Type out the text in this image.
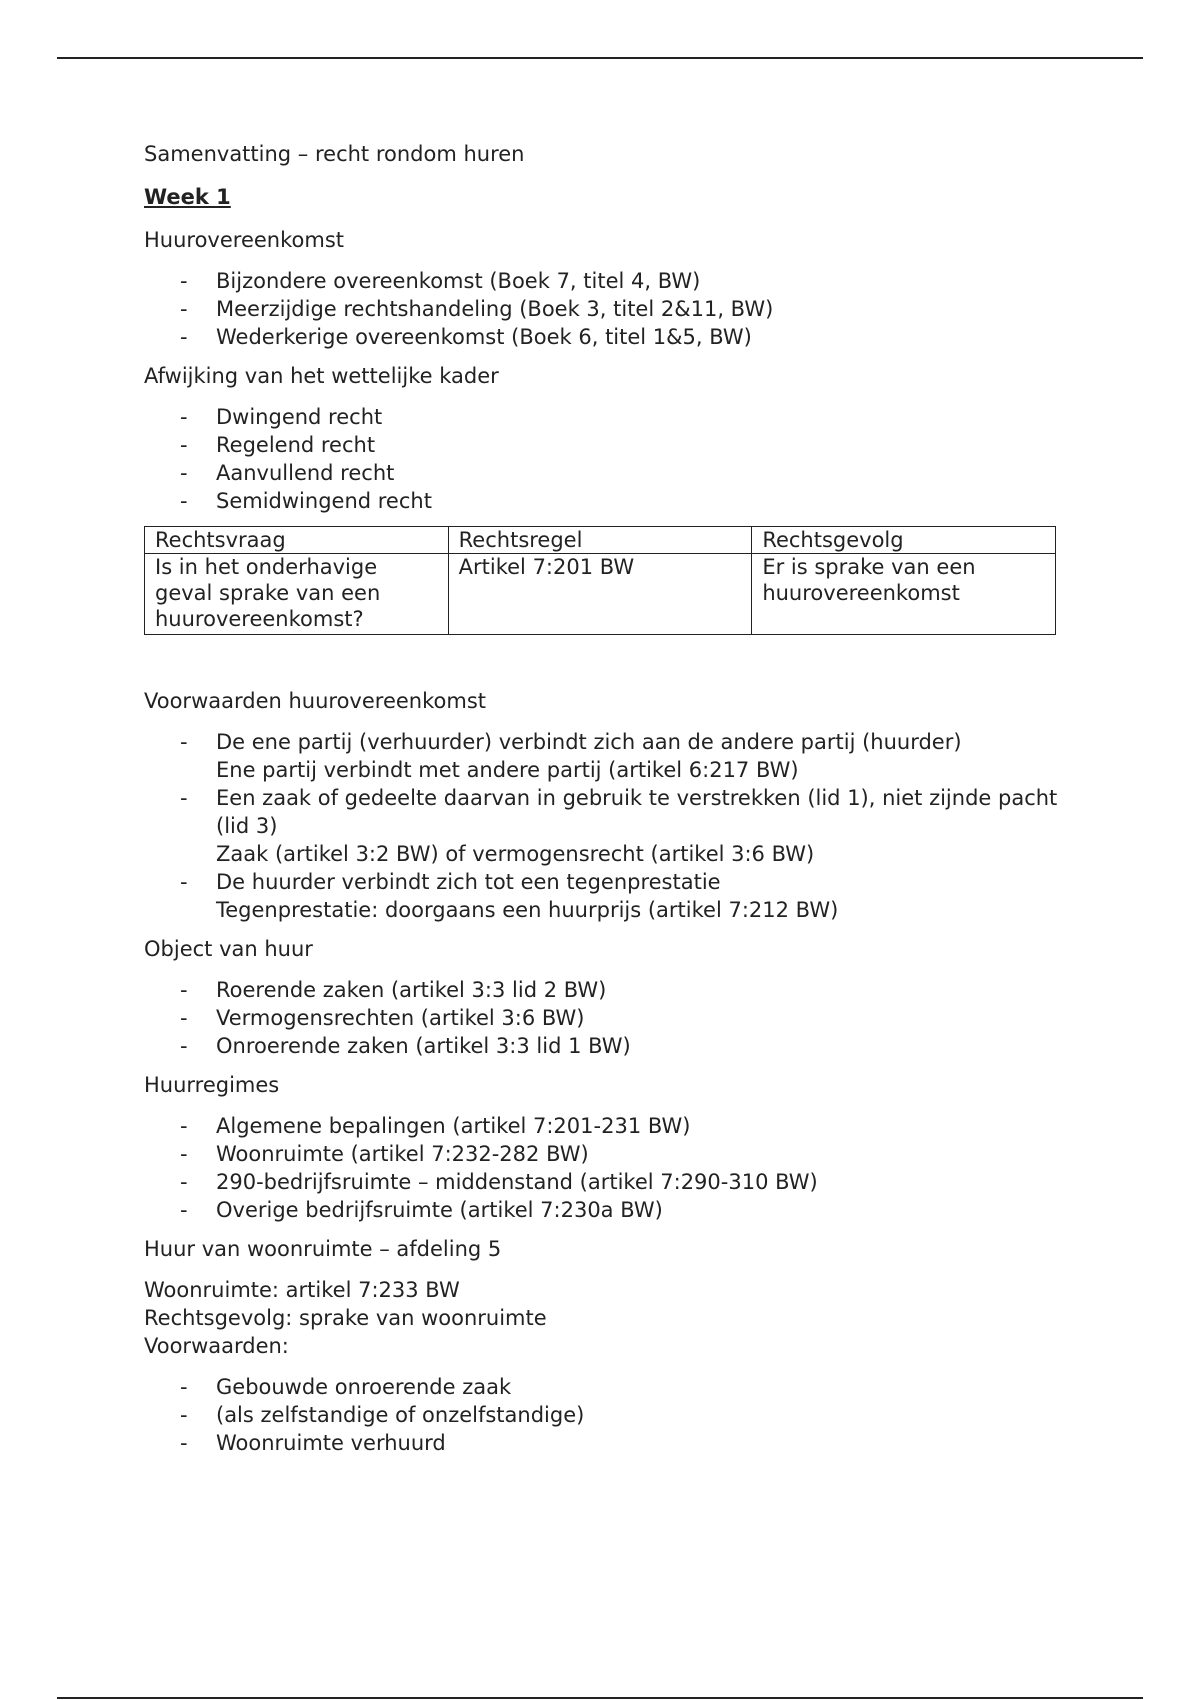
Samenvatting – recht rondom huren

Week 1

Huurovereenkomst

-	Bijzondere overeenkomst (Boek 7, titel 4, BW)
-	Meerzijdige rechtshandeling (Boek 3, titel 2&11, BW)
-	Wederkerige overeenkomst (Boek 6, titel 1&5, BW)

Afwijking van het wettelijke kader

-	Dwingend recht
-	Regelend recht
-	Aanvullend recht
-	Semidwingend recht
Rechtsvraag	Rechtsregel	Rechtsgevolg
Is in het onderhavige geval sprake van een huurovereenkomst?	Artikel 7:201 BW	Er is sprake van een huurovereenkomst

Voorwaarden huurovereenkomst

-	De ene partij (verhuurder) verbindt zich aan de andere partij (huurder)
Ene partij verbindt met andere partij (artikel 6:217 BW)
-	Een zaak of gedeelte daarvan in gebruik te verstrekken (lid 1), niet zijnde pacht (lid 3)
Zaak (artikel 3:2 BW) of vermogensrecht (artikel 3:6 BW)
-	De huurder verbindt zich tot een tegenprestatie
Tegenprestatie: doorgaans een huurprijs (artikel 7:212 BW)

Object van huur

-	Roerende zaken (artikel 3:3 lid 2 BW)
-	Vermogensrechten (artikel 3:6 BW)
-	Onroerende zaken (artikel 3:3 lid 1 BW)

Huurregimes

-	Algemene bepalingen (artikel 7:201-231 BW)
-	Woonruimte (artikel 7:232-282 BW)
-	290-bedrijfsruimte – middenstand (artikel 7:290-310 BW)
-	Overige bedrijfsruimte (artikel 7:230a BW)

Huur van woonruimte – afdeling 5

Woonruimte: artikel 7:233 BW

Rechtsgevolg: sprake van woonruimte

Voorwaarden:

-	Gebouwde onroerende zaak
-	(als zelfstandige of onzelfstandige)
-	Woonruimte verhuurd
